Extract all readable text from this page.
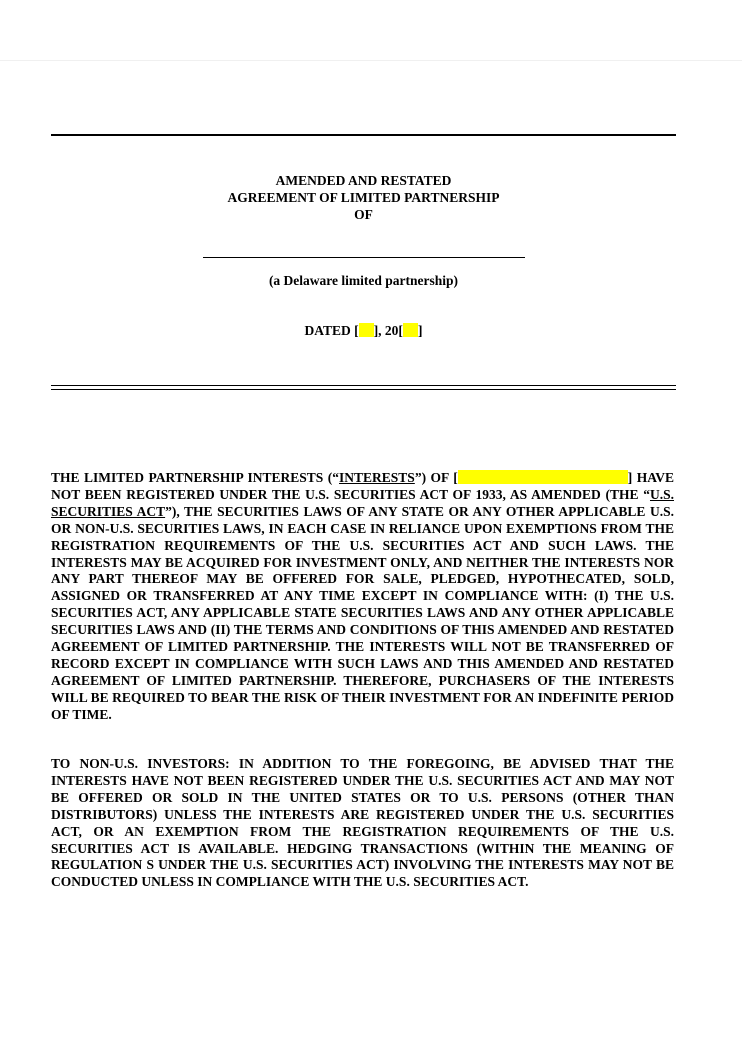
AMENDED AND RESTATED
AGREEMENT OF LIMITED PARTNERSHIP
OF
(a Delaware limited partnership)
DATED [ ], 20[ ]
THE LIMITED PARTNERSHIP INTERESTS (“INTERESTS”) OF [	] HAVE NOT BEEN REGISTERED UNDER THE U.S. SECURITIES ACT OF 1933, AS AMENDED (THE “U.S. SECURITIES ACT”), THE SECURITIES LAWS OF ANY STATE OR ANY OTHER APPLICABLE U.S. OR NON-U.S. SECURITIES LAWS, IN EACH CASE IN RELIANCE UPON EXEMPTIONS FROM THE REGISTRATION REQUIREMENTS OF THE U.S. SECURITIES ACT AND SUCH LAWS. THE INTERESTS MAY BE ACQUIRED FOR INVESTMENT ONLY, AND NEITHER THE INTERESTS NOR ANY PART THEREOF MAY BE OFFERED FOR SALE, PLEDGED, HYPOTHECATED, SOLD, ASSIGNED OR TRANSFERRED AT ANY TIME EXCEPT IN COMPLIANCE WITH: (I) THE U.S. SECURITIES ACT, ANY APPLICABLE STATE SECURITIES LAWS AND ANY OTHER APPLICABLE SECURITIES LAWS AND (II) THE TERMS AND CONDITIONS OF THIS AMENDED AND RESTATED AGREEMENT OF LIMITED PARTNERSHIP. THE INTERESTS WILL NOT BE TRANSFERRED OF RECORD EXCEPT IN COMPLIANCE WITH SUCH LAWS AND THIS AMENDED AND RESTATED AGREEMENT OF LIMITED PARTNERSHIP. THEREFORE, PURCHASERS OF THE INTERESTS WILL BE REQUIRED TO BEAR THE RISK OF THEIR INVESTMENT FOR AN INDEFINITE PERIOD OF TIME.
TO NON-U.S. INVESTORS: IN ADDITION TO THE FOREGOING, BE ADVISED THAT THE INTERESTS HAVE NOT BEEN REGISTERED UNDER THE U.S. SECURITIES ACT AND MAY NOT BE OFFERED OR SOLD IN THE UNITED STATES OR TO U.S. PERSONS (OTHER THAN DISTRIBUTORS) UNLESS THE INTERESTS ARE REGISTERED UNDER THE U.S. SECURITIES ACT, OR AN EXEMPTION FROM THE REGISTRATION REQUIREMENTS OF THE U.S. SECURITIES ACT IS AVAILABLE. HEDGING TRANSACTIONS (WITHIN THE MEANING OF REGULATION S UNDER THE U.S. SECURITIES ACT) INVOLVING THE INTERESTS MAY NOT BE CONDUCTED UNLESS IN COMPLIANCE WITH THE U.S. SECURITIES ACT.
